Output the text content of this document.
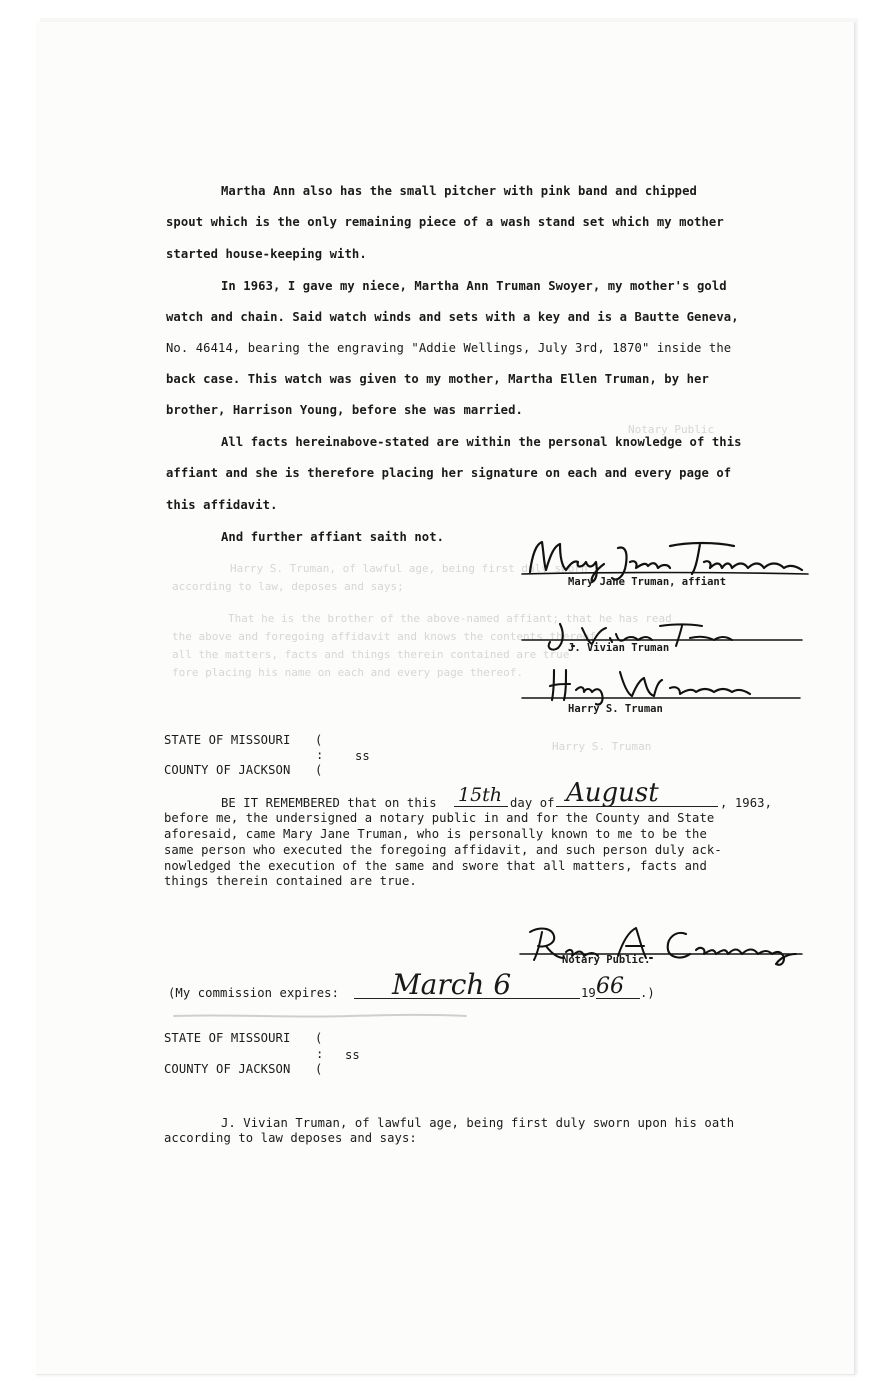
Harry S. Truman, of lawful age, being first duly sworn
according to law, deposes and says;
That he is the brother of the above-named affiant; that he has read
the above and foregoing affidavit and knows the contents thereof
all the matters, facts and things therein contained are true
fore placing his name on each and every page thereof.
Notary Public
Harry S. Truman
Martha Ann also has the small pitcher with pink band and chipped
spout which is the only remaining piece of a wash stand set which my mother
started house-keeping with.
In 1963, I gave my niece, Martha Ann Truman Swoyer, my mother's gold
watch and chain. Said watch winds and sets with a key and is a Bautte Geneva,
No. 46414, bearing the engraving "Addie Wellings, July 3rd, 1870" inside the
back case. This watch was given to my mother, Martha Ellen Truman, by her
brother, Harrison Young, before she was married.
All facts hereinabove-stated are within the personal knowledge of this
affiant and she is therefore placing her signature on each and every page of
this affidavit.
And further affiant saith not.
Mary Jane Truman, affiant
J. Vivian Truman
Harry S. Truman
STATE OF MISSOURI (
:	ss
COUNTY OF JACKSON (
BE IT REMEMBERED that on this 15th day of August	, 1963,
before me, the undersigned a notary public in and for the County and State
aforesaid, came Mary Jane Truman, who is personally known to me to be the
same person who executed the foregoing affidavit, and such person duly ack-
nowledged the execution of the same and swore that all matters, facts and
things therein contained are true.
Notary Public.
(My commission expires: March 6	19 66 .)
STATE OF MISSOURI (
: ss
COUNTY OF JACKSON (
J. Vivian Truman, of lawful age, being first duly sworn upon his oath
according to law deposes and says:
